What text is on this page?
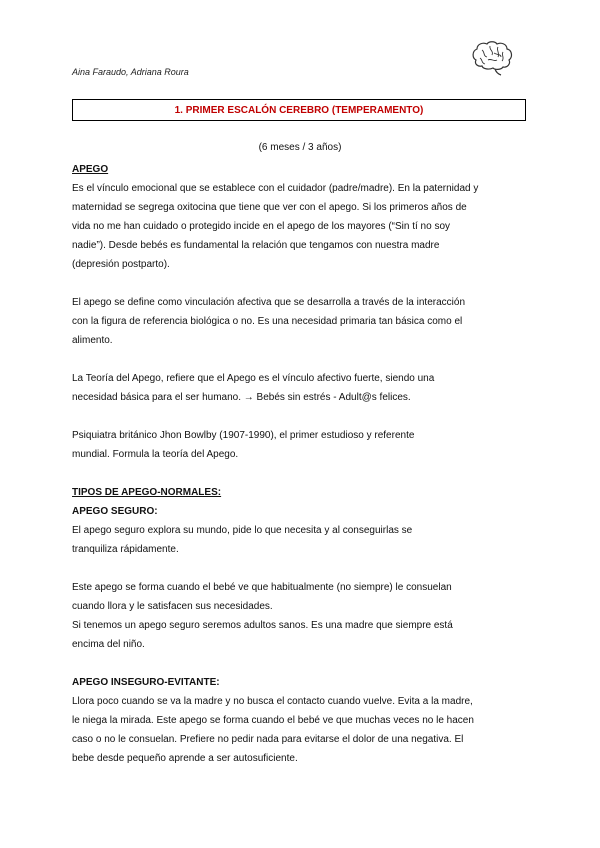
Aina Faraudo, Adriana Roura
1. PRIMER ESCALÓN CEREBRO (TEMPERAMENTO)
(6 meses / 3 años)

APEGO

Es el vínculo emocional que se establece con el cuidador (padre/madre). En la paternidad y

maternidad se segrega oxitocina que tiene que ver con el apego. Si los primeros años de

vida no me han cuidado o protegido incide en el apego de los mayores (“Sin tí no soy

nadie”). Desde bebés es fundamental la relación que tengamos con nuestra madre

(depresión postparto).

El apego se define como vinculación afectiva que se desarrolla a través de la interacción

con la figura de referencia biológica o no. Es una necesidad primaria tan básica como el

alimento.

La Teoría del Apego, refiere que el Apego es el vínculo afectivo fuerte, siendo una

necesidad básica para el ser humano. → Bebés sin estrés - Adult@s felices.

Psiquiatra británico Jhon Bowlby (1907-1990), el primer estudioso y referente

mundial. Formula la teoría del Apego.

TIPOS DE APEGO-NORMALES:

APEGO SEGURO:

El apego seguro explora su mundo, pide lo que necesita y al conseguirlas se

tranquiliza rápidamente.

Este apego se forma cuando el bebé ve que habitualmente (no siempre) le consuelan

cuando llora y le satisfacen sus necesidades.

Si tenemos un apego seguro seremos adultos sanos. Es una madre que siempre está

encima del niño.

APEGO INSEGURO-EVITANTE:

Llora poco cuando se va la madre y no busca el contacto cuando vuelve. Evita a la madre,

le niega la mirada. Este apego se forma cuando el bebé ve que muchas veces no le hacen

caso o no le consuelan. Prefiere no pedir nada para evitarse el dolor de una negativa. El

bebe desde pequeño aprende a ser autosuficiente.
